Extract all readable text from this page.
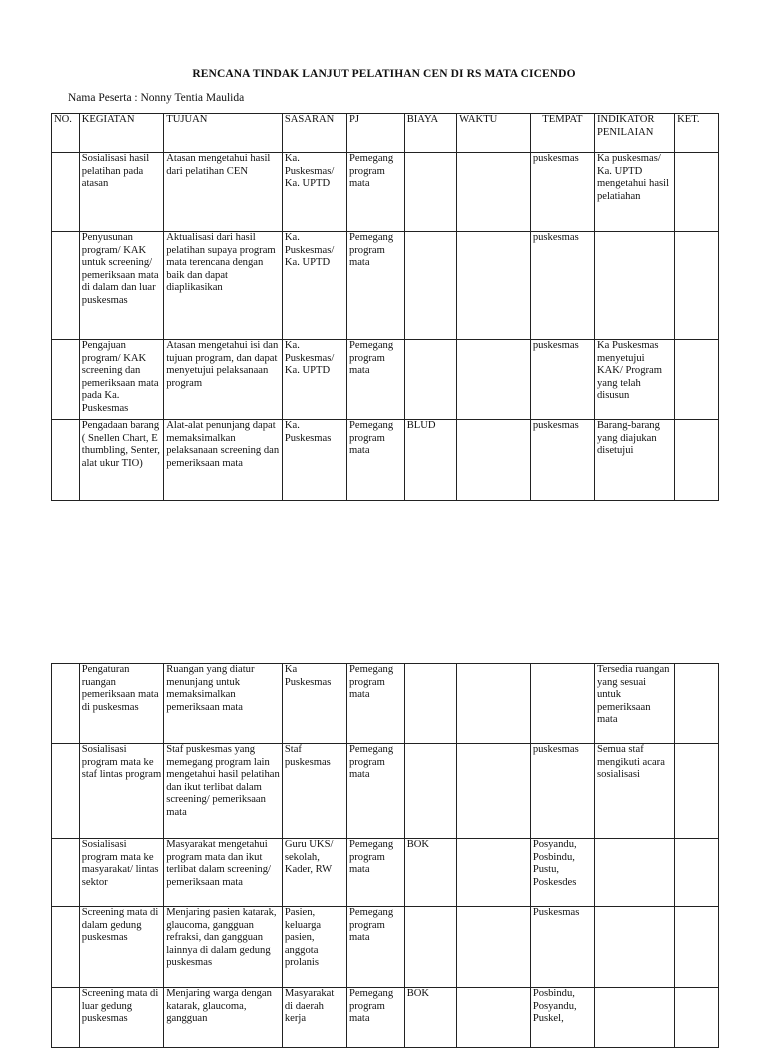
RENCANA TINDAK LANJUT PELATIHAN CEN DI RS MATA CICENDO
Nama Peserta : Nonny Tentia Maulida
NO.	KEGIATAN	TUJUAN	SASARAN	PJ	BIAYA	WAKTU	TEMPAT	INDIKATOR PENILAIAN	KET.
	Sosialisasi hasil pelatihan pada atasan	Atasan mengetahui hasil dari pelatihan CEN	Ka. Puskesmas/ Ka. UPTD	Pemegang program mata			puskesmas	Ka puskesmas/ Ka. UPTD mengetahui hasil pelatiahan	
	Penyusunan program/ KAK untuk screening/ pemeriksaan mata di dalam dan luar puskesmas	Aktualisasi dari hasil pelatihan supaya program mata terencana dengan baik dan dapat diaplikasikan	Ka. Puskesmas/ Ka. UPTD	Pemegang program mata			puskesmas		
	Pengajuan program/ KAK screening dan pemeriksaan mata pada Ka. Puskesmas	Atasan mengetahui isi dan tujuan program, dan dapat menyetujui pelaksanaan program	Ka. Puskesmas/ Ka. UPTD	Pemegang program mata			puskesmas	Ka Puskesmas menyetujui KAK/ Program yang telah disusun	
	Pengadaan barang ( Snellen Chart, E thumbling, Senter, alat ukur TIO)	Alat-alat penunjang dapat memaksimalkan pelaksanaan screening dan pemeriksaan mata	Ka. Puskesmas	Pemegang program mata	BLUD		puskesmas	Barang-barang yang diajukan disetujui	
	Pengaturan ruangan pemeriksaan mata di puskesmas	Ruangan yang diatur menunjang untuk memaksimalkan pemeriksaan mata	Ka Puskesmas	Pemegang program mata				Tersedia ruangan yang sesuai untuk pemeriksaan mata	
	Sosialisasi program mata ke staf lintas program	Staf puskesmas yang memegang program lain mengetahui hasil pelatihan dan ikut terlibat dalam screening/ pemeriksaan mata	Staf puskesmas	Pemegang program mata			puskesmas	Semua staf mengikuti acara sosialisasi	
	Sosialisasi program mata ke masyarakat/ lintas sektor	Masyarakat mengetahui program mata dan ikut terlibat dalam screening/ pemeriksaan mata	Guru UKS/ sekolah, Kader, RW	Pemegang program mata	BOK		Posyandu, Posbindu, Pustu, Poskesdes		
	Screening mata di dalam gedung puskesmas	Menjaring pasien katarak, glaucoma, gangguan refraksi, dan gangguan lainnya di dalam gedung puskesmas	Pasien, keluarga pasien, anggota prolanis	Pemegang program mata			Puskesmas		
	Screening mata di luar gedung puskesmas	Menjaring warga dengan katarak, glaucoma, gangguan	Masyarakat di daerah kerja	Pemegang program mata	BOK		Posbindu, Posyandu, Puskel,		
